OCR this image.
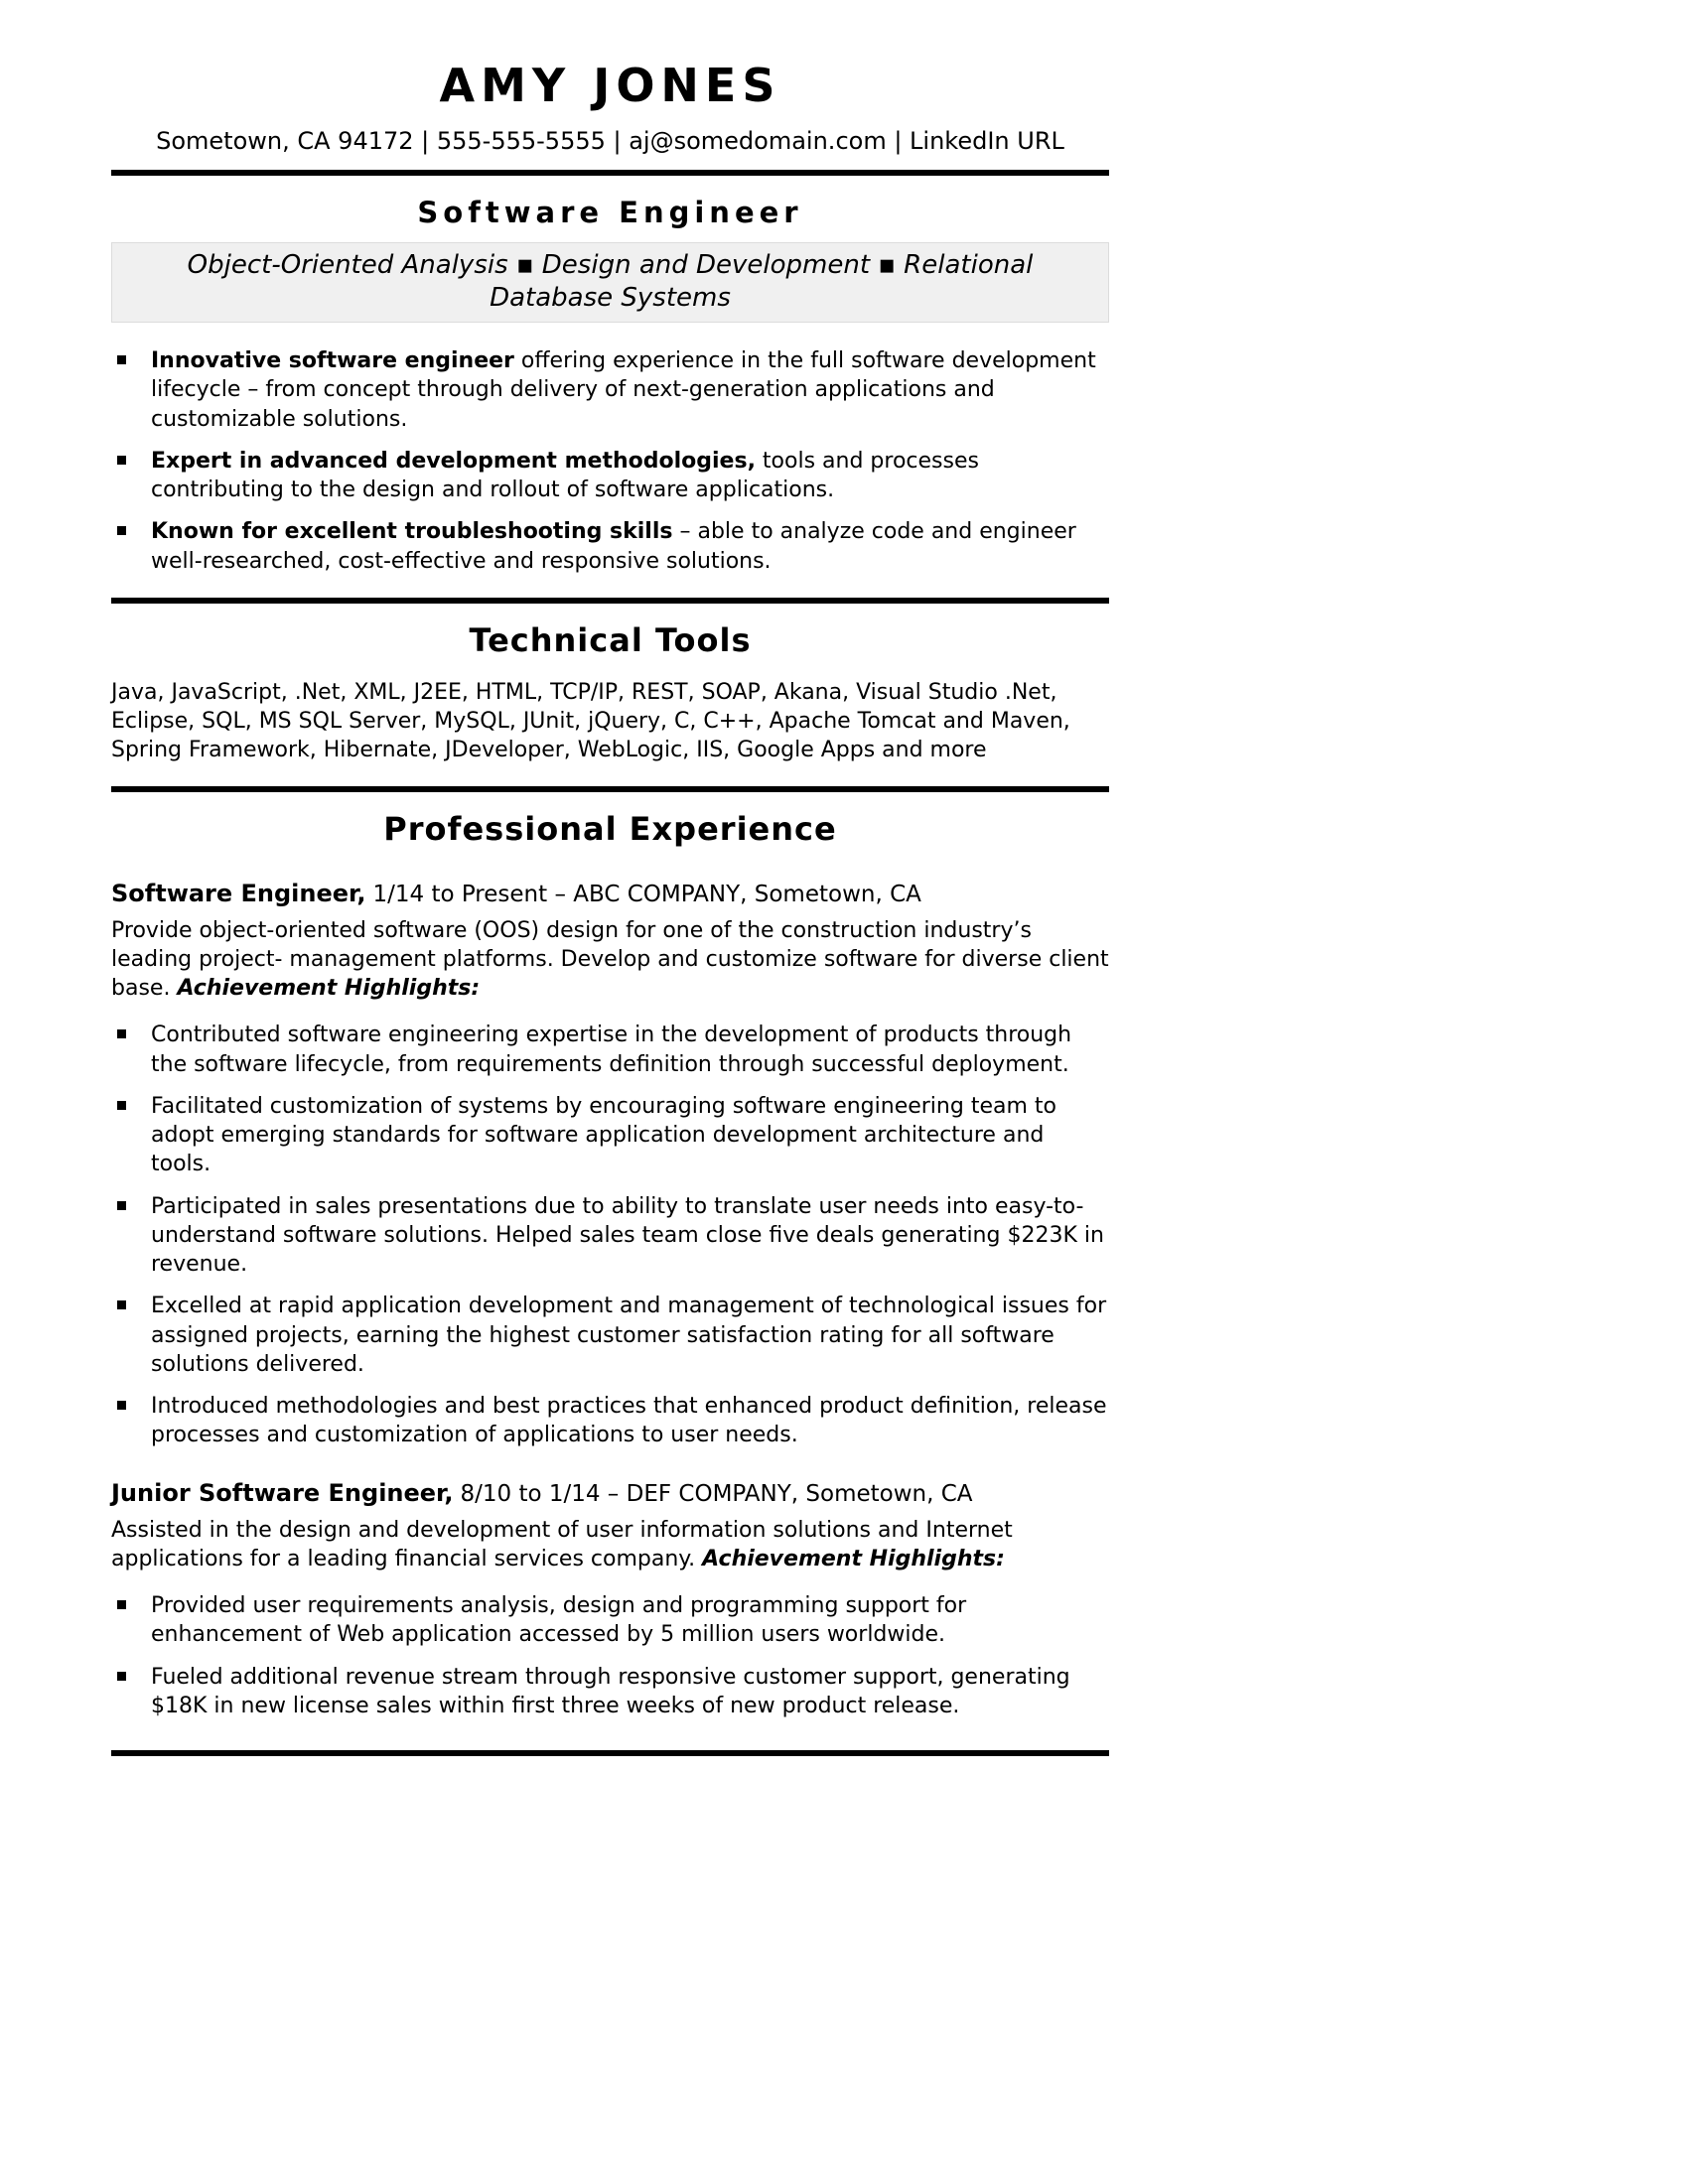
AMY JONES
Sometown, CA 94172 | 555-555-5555 | aj@somedomain.com | LinkedIn URL
Software Engineer
Object-Oriented Analysis ▪ Design and Development ▪ Relational Database Systems
Innovative software engineer offering experience in the full software development lifecycle – from concept through delivery of next-generation applications and customizable solutions.
Expert in advanced development methodologies, tools and processes contributing to the design and rollout of software applications.
Known for excellent troubleshooting skills – able to analyze code and engineer well-researched, cost-effective and responsive solutions.
Technical Tools

Java, JavaScript, .Net, XML, J2EE, HTML, TCP/IP, REST, SOAP, Akana, Visual Studio .Net, Eclipse, SQL, MS SQL Server, MySQL, JUnit, jQuery, C, C++, Apache Tomcat and Maven, Spring Framework, Hibernate, JDeveloper, WebLogic, IIS, Google Apps and more

Professional Experience

Software Engineer, 1/14 to Present – ABC COMPANY, Sometown, CA

Provide object-oriented software (OOS) design for one of the construction industry’s leading project- management platforms. Develop and customize software for diverse client base. Achievement Highlights:

Contributed software engineering expertise in the development of products through the software lifecycle, from requirements definition through successful deployment.
Facilitated customization of systems by encouraging software engineering team to adopt emerging standards for software application development architecture and tools.
Participated in sales presentations due to ability to translate user needs into easy-to-understand software solutions. Helped sales team close five deals generating $223K in revenue.
Excelled at rapid application development and management of technological issues for assigned projects, earning the highest customer satisfaction rating for all software solutions delivered.
Introduced methodologies and best practices that enhanced product definition, release processes and customization of applications to user needs.

Junior Software Engineer, 8/10 to 1/14 – DEF COMPANY, Sometown, CA

Assisted in the design and development of user information solutions and Internet applications for a leading financial services company. Achievement Highlights:

Provided user requirements analysis, design and programming support for enhancement of Web application accessed by 5 million users worldwide.
Fueled additional revenue stream through responsive customer support, generating $18K in new license sales within first three weeks of new product release.
